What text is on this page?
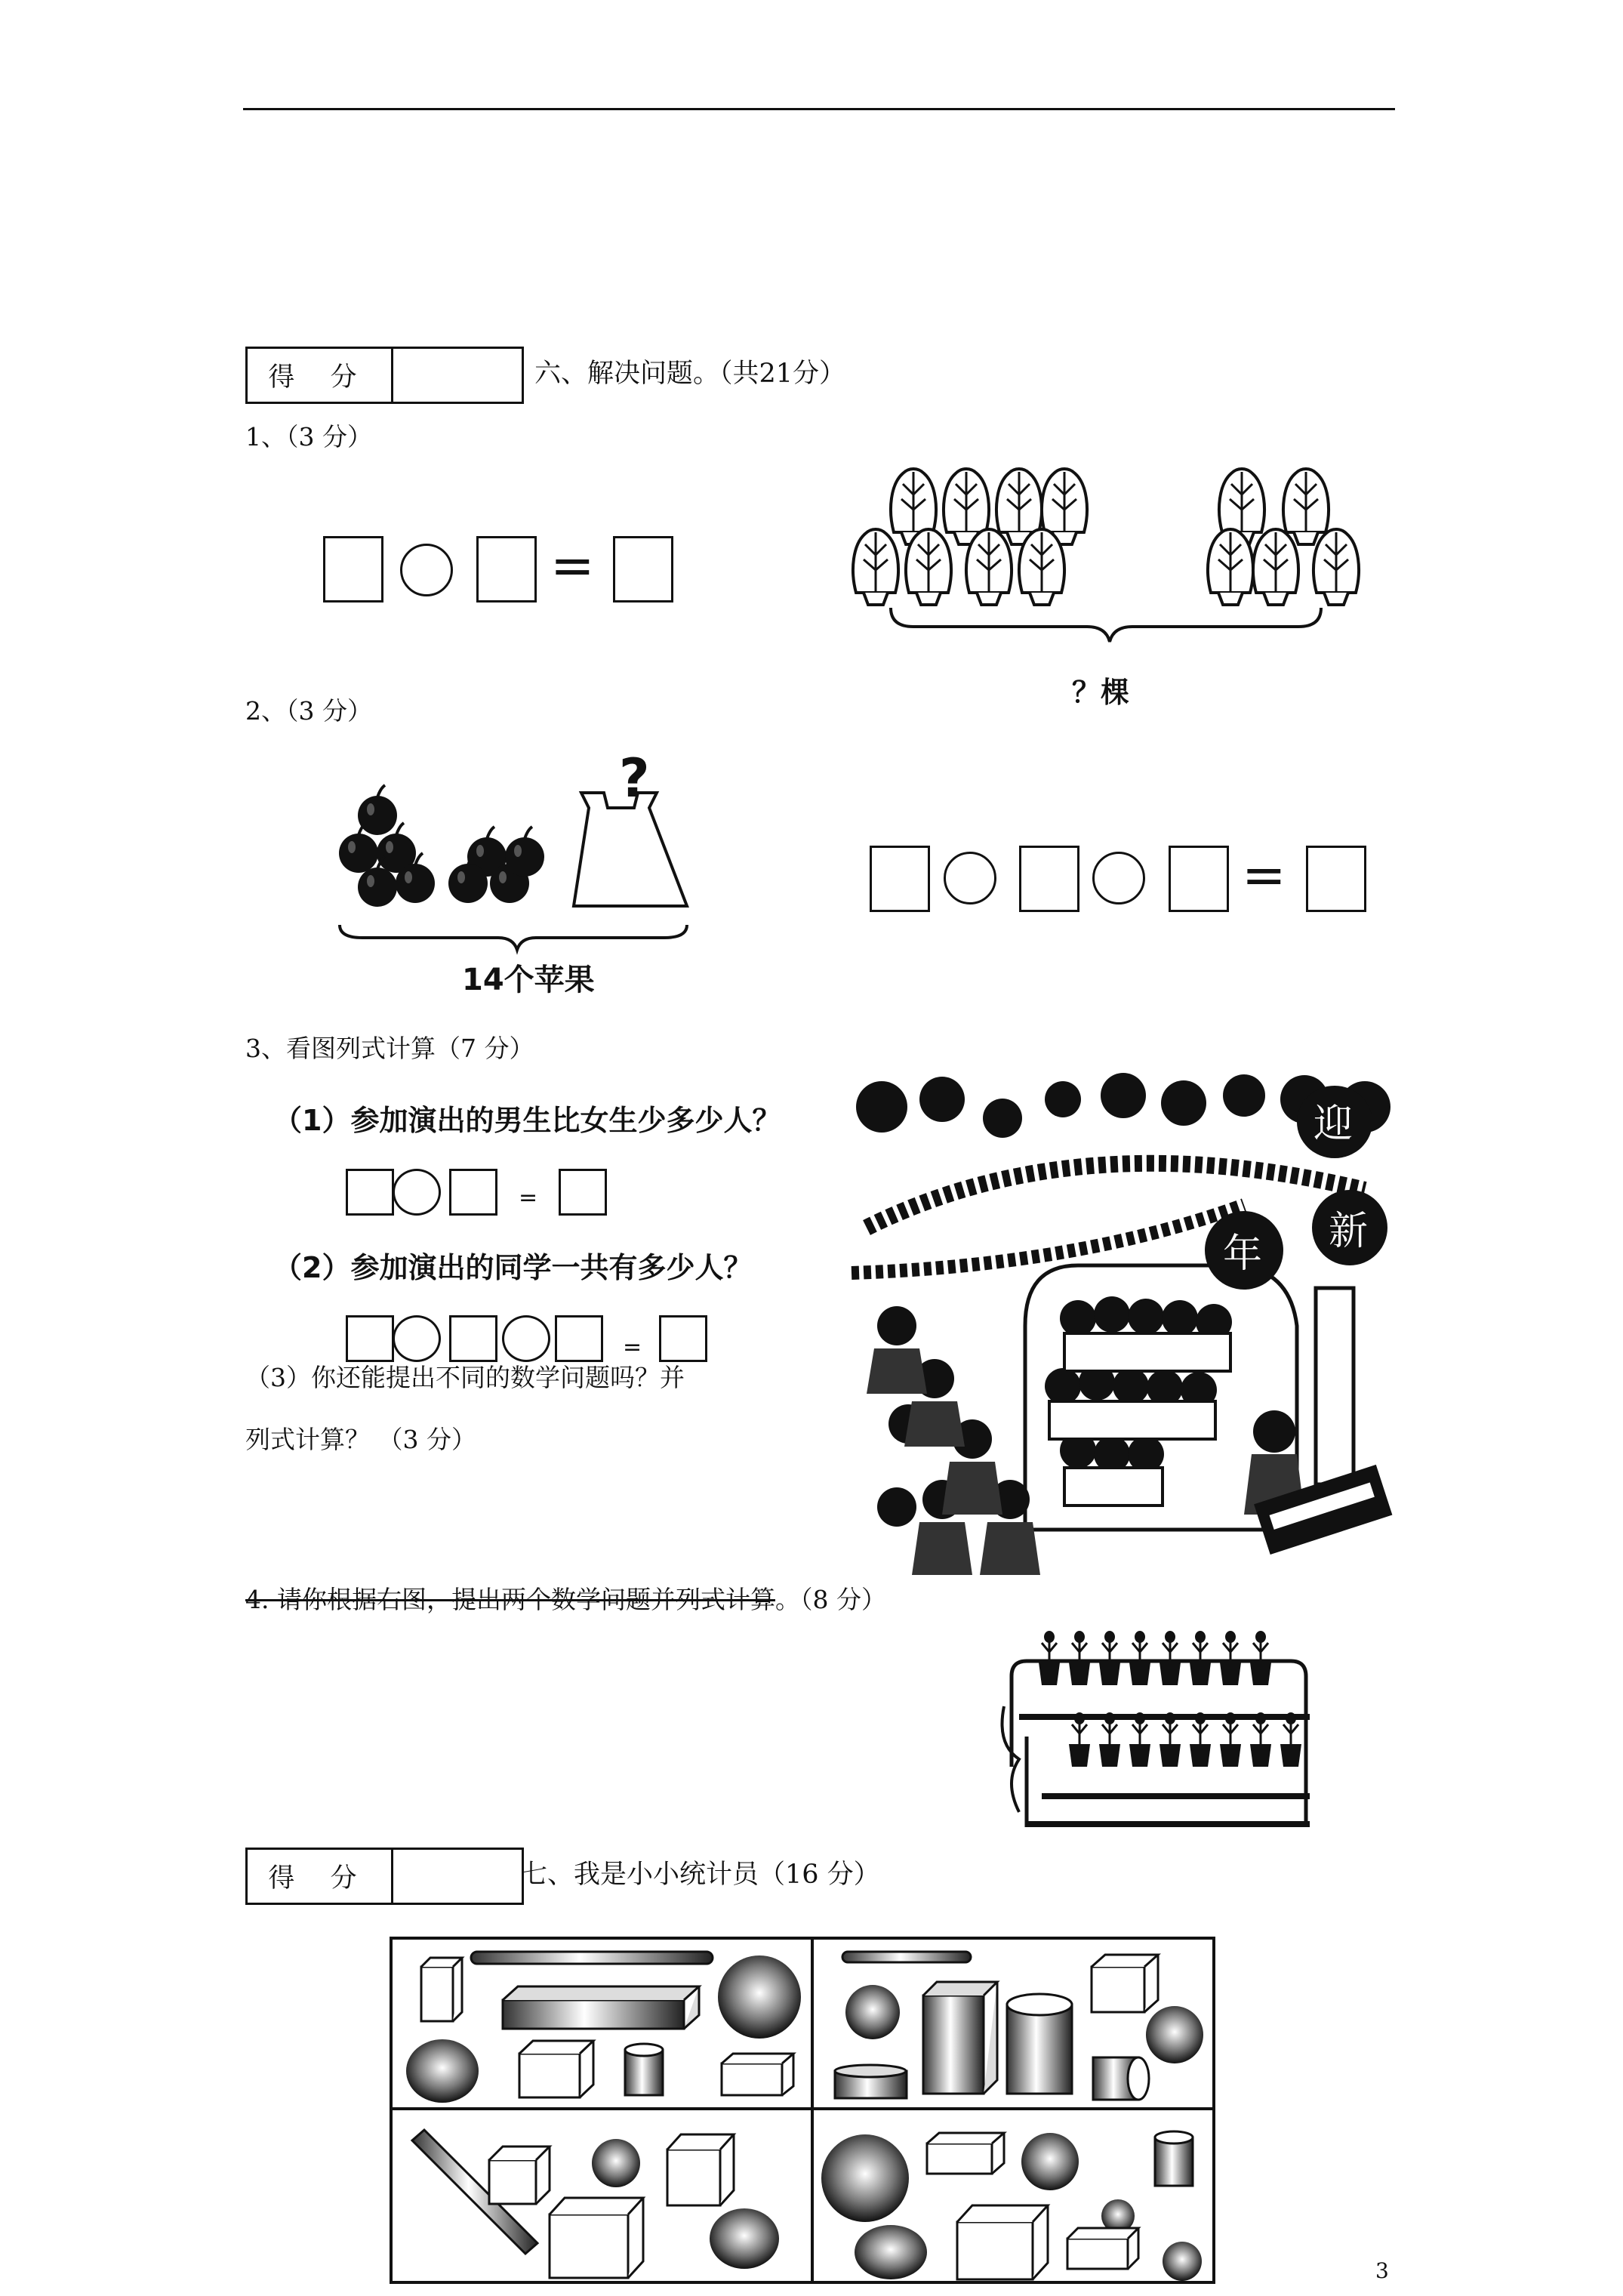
得 分	六、解决问题。（共21分）
1、（3 分）
=
？棵
2、（3 分）
?
14个苹果
=
3、看图列式计算（7 分）
（1）参加演出的男生比女生少多少人？
=
（2）参加演出的同学一共有多少人？
=
（3）你还能提出不同的数学问题吗？并
列式计算？ （3 分）
迎
年 新
4. 请你根据右图，提出两个数学问题并列式计算。（8 分）
得 分	七、我是小小统计员（16 分）
3
